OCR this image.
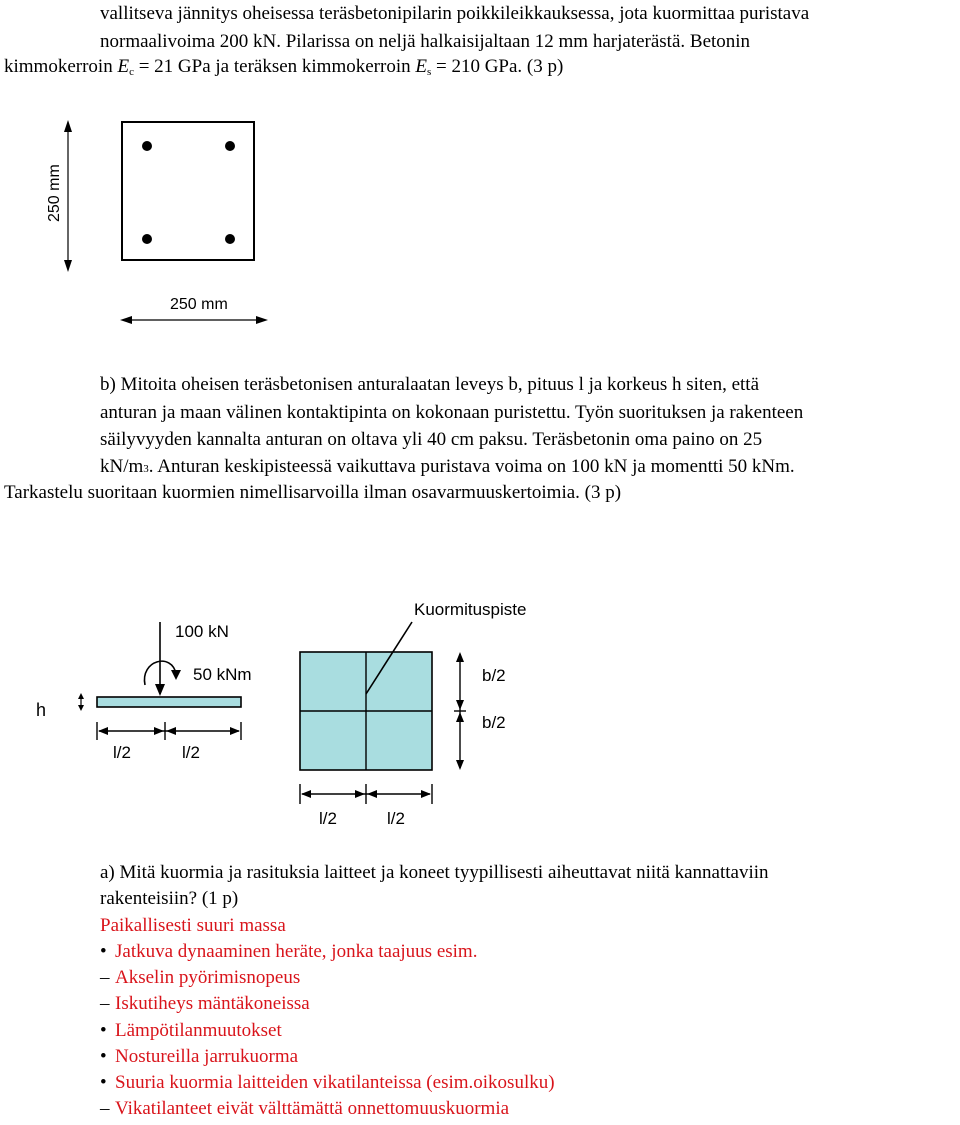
vallitseva jännitys oheisessa teräsbetonipilarin poikkileikkauksessa, jota kuormittaa puristava
normaalivoima 200 kN. Pilarissa on neljä halkaisijaltaan 12 mm harjaterästä. Betonin
kimmokerroin $E_c = 21$ GPa ja teräksen kimmokerroin $E_s = 210$ GPa. (3 p)
250 mm
250 mm
b) Mitoita oheisen teräsbetonisen anturalaatan leveys b, pituus l ja korkeus h siten, että
anturan ja maan välinen kontaktipinta on kokonaan puristettu. Työn suorituksen ja rakenteen
säilyvyyden kannalta anturan on oltava yli 40 cm paksu. Teräsbetonin oma paino on 25
kN/m3. Anturan keskipisteessä vaikuttava puristava voima on 100 kN ja momentti 50 kNm.
Tarkastelu suoritaan kuormien nimellisarvoilla ilman osavarmuuskertoimia. (3 p)
Kuormituspiste
100 kN
50 kNm
h
l/2	l/2
b/2
b/2
l/2	l/2
a) Mitä kuormia ja rasituksia laitteet ja koneet tyypillisesti aiheuttavat niitä kannattaviin
rakenteisiin? (1 p)
Paikallisesti suuri massa
• Jatkuva dynaaminen heräte, jonka taajuus esim.
– Akselin pyörimisnopeus
– Iskutiheys mäntäkoneissa
• Lämpötilanmuutokset
• Nostureilla jarrukuorma
• Suuria kuormia laitteiden vikatilanteissa (esim.oikosulku)
– Vikatilanteet eivät välttämättä onnettomuuskuormia
